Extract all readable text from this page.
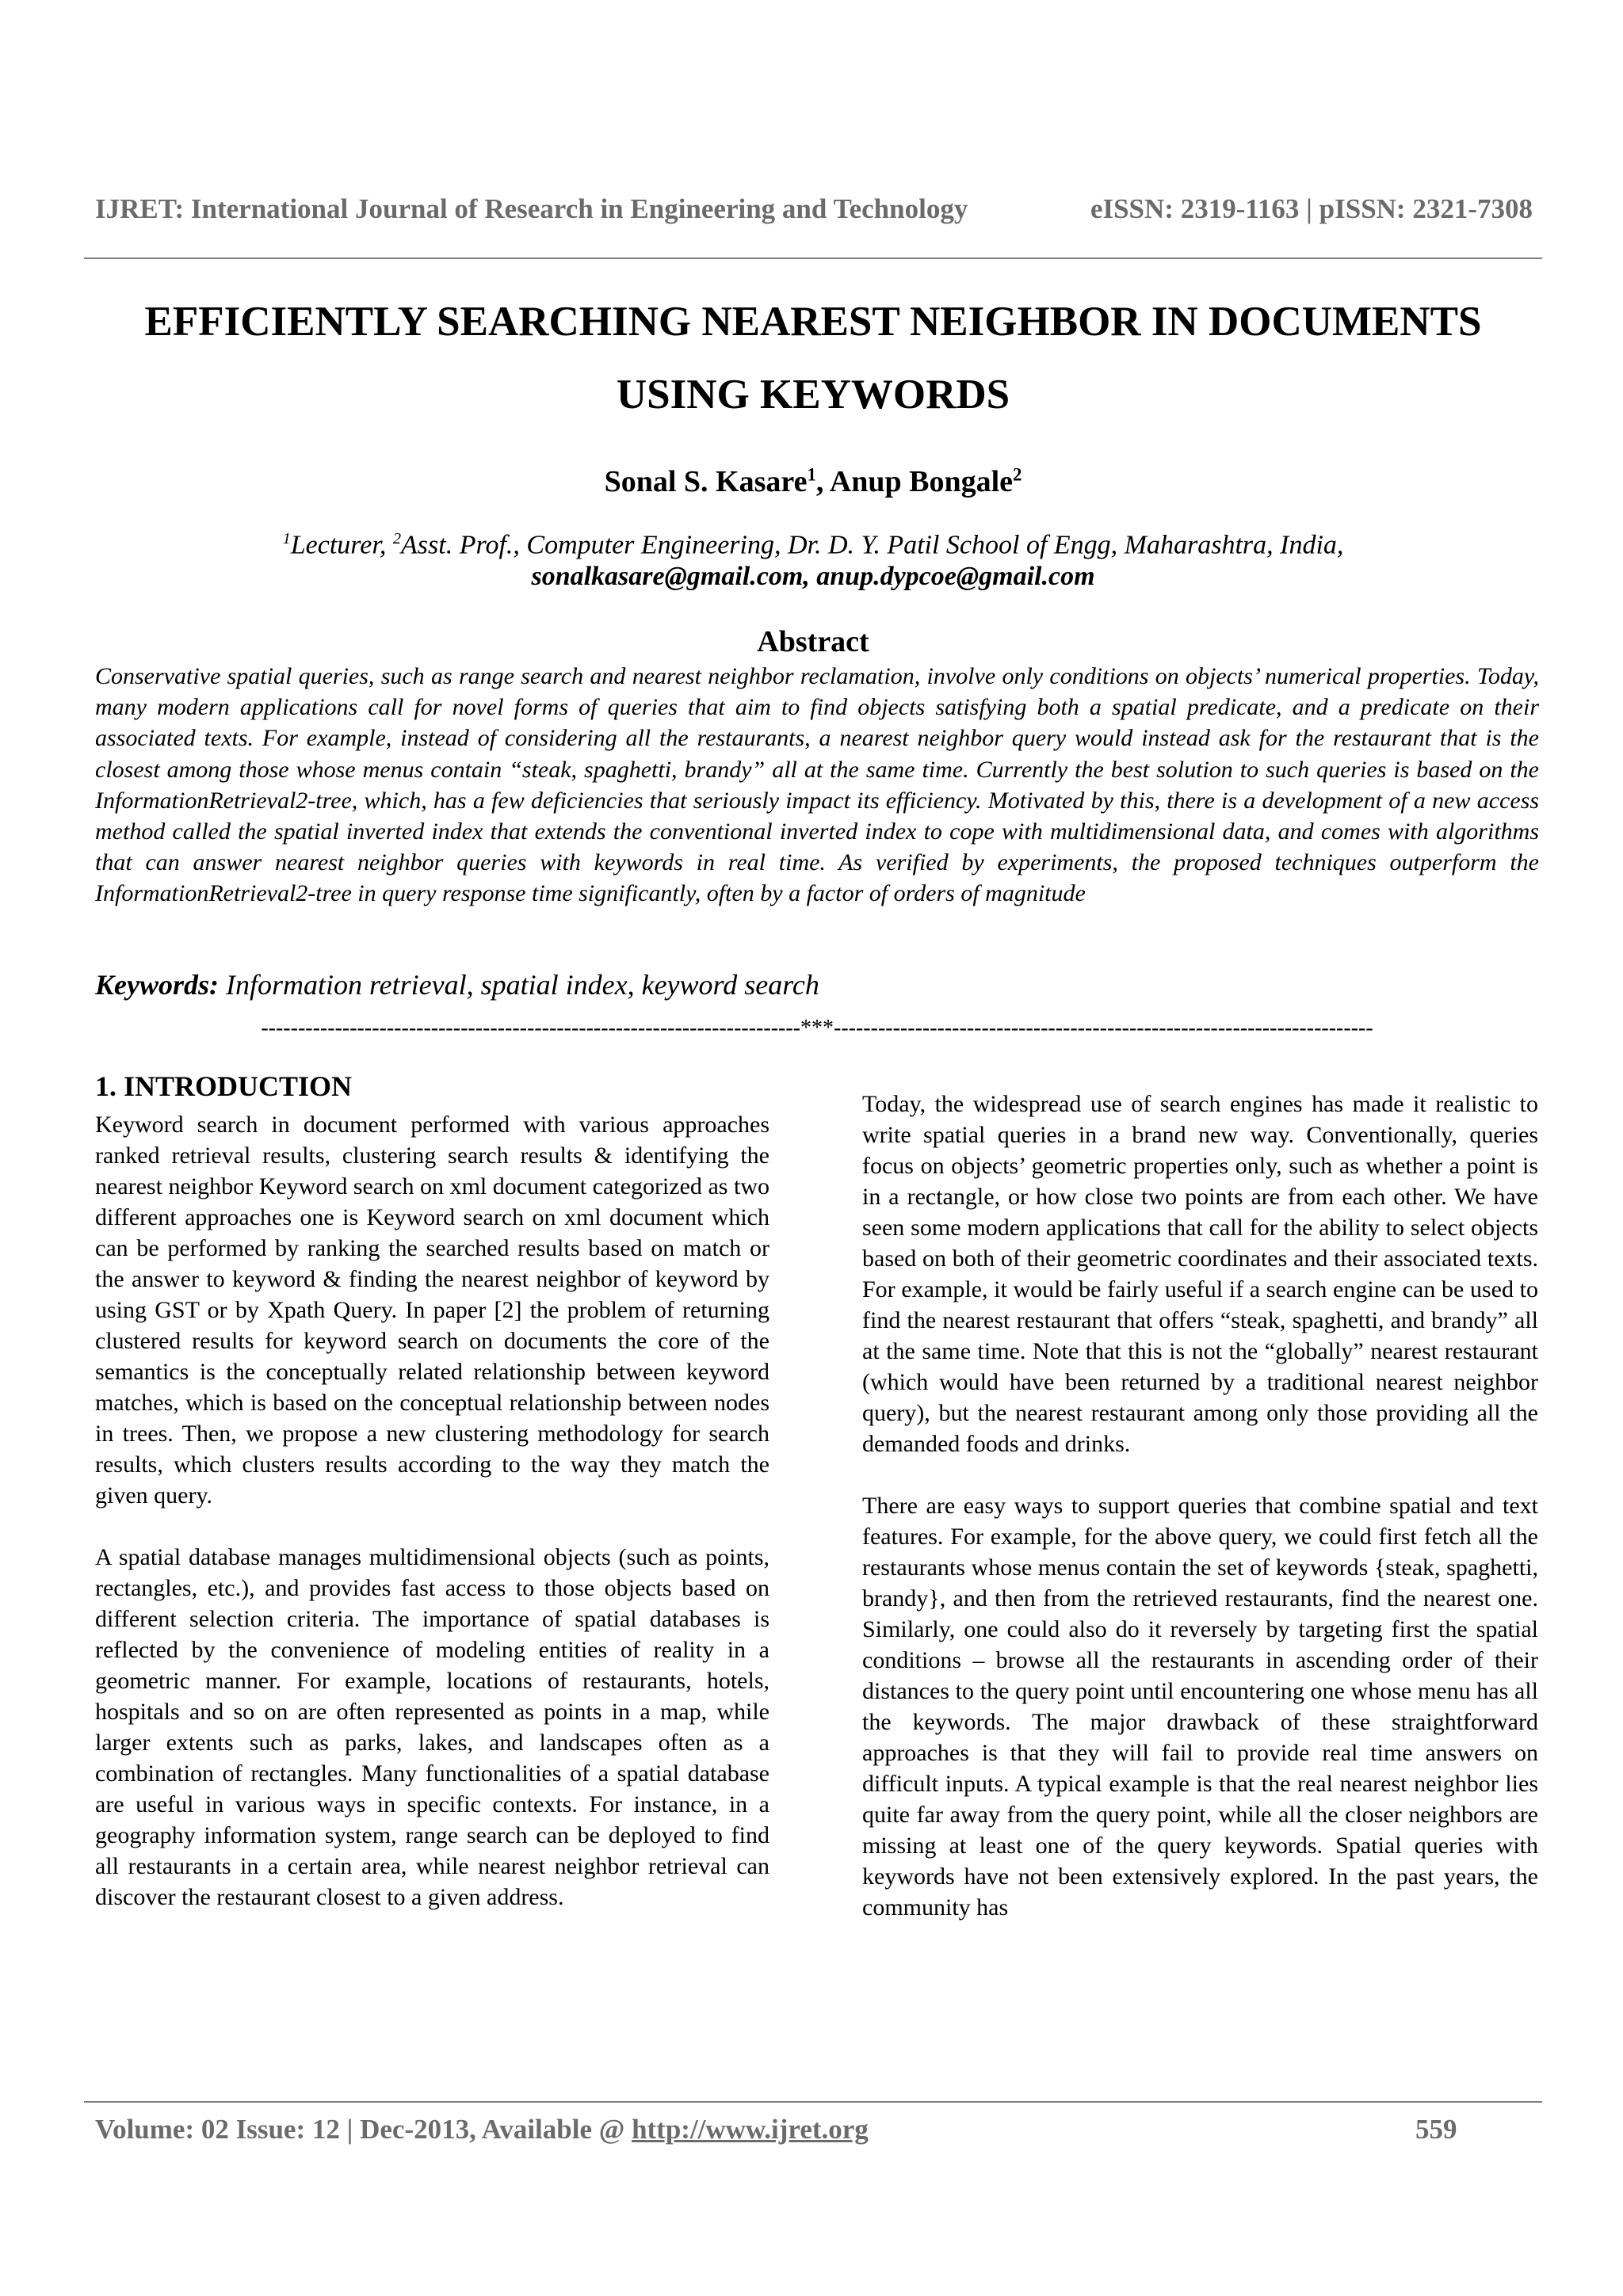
IJRET: International Journal of Research in Engineering and Technology	eISSN: 2319-1163 | pISSN: 2321-7308
EFFICIENTLY SEARCHING NEAREST NEIGHBOR IN DOCUMENTS
USING KEYWORDS
Sonal S. Kasare$^1$, Anup Bongale$^2$
$^1$Lecturer, $^2$Asst. Prof., Computer Engineering, Dr. D. Y. Patil School of Engg, Maharashtra, India,
sonalkasare@gmail.com, anup.dypcoe@gmail.com
Abstract
Conservative spatial queries, such as range search and nearest neighbor reclamation, involve only conditions on objects’ numerical properties. Today, many modern applications call for novel forms of queries that aim to find objects satisfying both a spatial predicate, and a predicate on their associated texts. For example, instead of considering all the restaurants, a nearest neighbor query would instead ask for the restaurant that is the closest among those whose menus contain “steak, spaghetti, brandy” all at the same time. Currently the best solution to such queries is based on the InformationRetrieval2-tree, which, has a few deficiencies that seriously impact its efficiency. Motivated by this, there is a development of a new access method called the spatial inverted index that extends the conventional inverted index to cope with multidimensional data, and comes with algorithms that can answer nearest neighbor queries with keywords in real time. As verified by experiments, the proposed techniques outperform the InformationRetrieval2-tree in query response time significantly, often by a factor of orders of magnitude
Keywords: Information retrieval, spatial index, keyword search
-------------------------------------------------------------------------***-------------------------------------------------------------------------
1. INTRODUCTION

Keyword search in document performed with various approaches ranked retrieval results, clustering search results & identifying the nearest neighbor Keyword search on xml document categorized as two different approaches one is Keyword search on xml document which can be performed by ranking the searched results based on match or the answer to keyword & finding the nearest neighbor of keyword by using GST or by Xpath Query. In paper [2] the problem of returning clustered results for keyword search on documents the core of the semantics is the conceptually related relationship between keyword matches, which is based on the conceptual relationship between nodes in trees. Then, we propose a new clustering methodology for search results, which clusters results according to the way they match the given query.

A spatial database manages multidimensional objects (such as points, rectangles, etc.), and provides fast access to those objects based on different selection criteria. The importance of spatial databases is reflected by the convenience of modeling entities of reality in a geometric manner. For example, locations of restaurants, hotels, hospitals and so on are often represented as points in a map, while larger extents such as parks, lakes, and landscapes often as a combination of rectangles. Many functionalities of a spatial database are useful in various ways in specific contexts. For instance, in a geography information system, range search can be deployed to find all restaurants in a certain area, while nearest neighbor retrieval can discover the restaurant closest to a given address.

Today, the widespread use of search engines has made it realistic to write spatial queries in a brand new way. Conventionally, queries focus on objects’ geometric properties only, such as whether a point is in a rectangle, or how close two points are from each other. We have seen some modern applications that call for the ability to select objects based on both of their geometric coordinates and their associated texts. For example, it would be fairly useful if a search engine can be used to find the nearest restaurant that offers “steak, spaghetti, and brandy” all at the same time. Note that this is not the “globally” nearest restaurant (which would have been returned by a traditional nearest neighbor query), but the nearest restaurant among only those providing all the demanded foods and drinks.

There are easy ways to support queries that combine spatial and text features. For example, for the above query, we could first fetch all the restaurants whose menus contain the set of keywords {steak, spaghetti, brandy}, and then from the retrieved restaurants, find the nearest one. Similarly, one could also do it reversely by targeting first the spatial conditions – browse all the restaurants in ascending order of their distances to the query point until encountering one whose menu has all the keywords. The major drawback of these straightforward approaches is that they will fail to provide real time answers on difficult inputs. A typical example is that the real nearest neighbor lies quite far away from the query point, while all the closer neighbors are missing at least one of the query keywords. Spatial queries with keywords have not been extensively explored. In the past years, the community has

Volume: 02 Issue: 12 | Dec-2013, Available @ http://www.ijret.org	559
